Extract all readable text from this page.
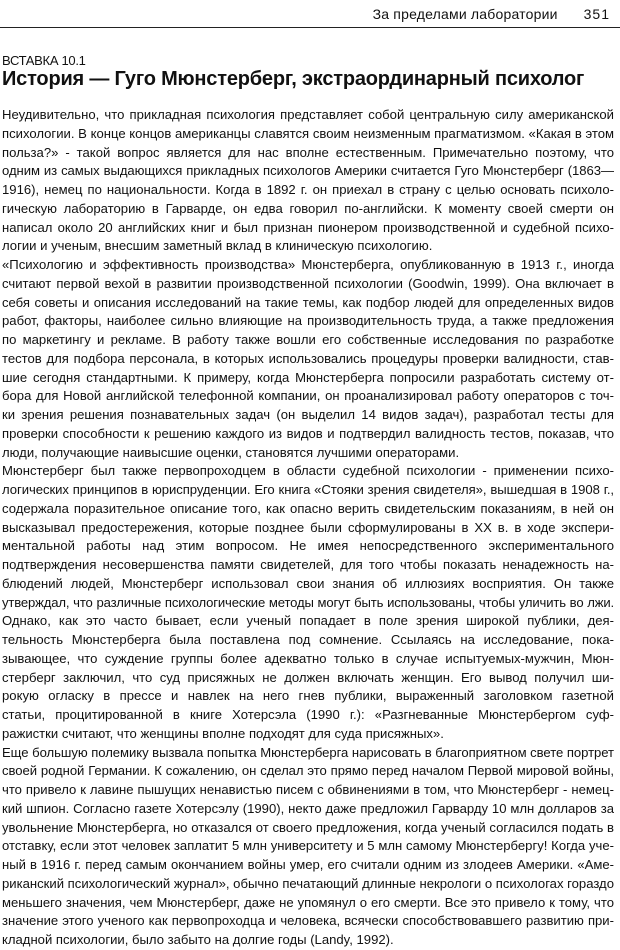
За пределами лаборатории 351
ВСТАВКА 10.1
История — Гуго Мюнстерберг, экстраординарный психолог
Неудивительно, что прикладная психология представляет собой центральную силу американской
психологии. В конце концов американцы славятся своим неизменным прагматизмом. «Какая в этом
польза?» - такой вопрос является для нас вполне естественным. Примечательно поэтому, что
одним из самых выдающихся прикладных психологов Америки считается Гуго Мюнстерберг (1863—
1916), немец по национальности. Когда в 1892 г. он приехал в страну с целью основать психоло-
гическую лабораторию в Гарварде, он едва говорил по-английски. К моменту своей смерти он
написал около 20 английских книг и был признан пионером производственной и судебной психо-
логии и ученым, внесшим заметный вклад в клиническую психологию.
«Психологию и эффективность производства» Мюнстерберга, опубликованную в 1913 г., иногда
считают первой вехой в развитии производственной психологии (Goodwin, 1999). Она включает в
себя советы и описания исследований на такие темы, как подбор людей для определенных видов
работ, факторы, наиболее сильно влияющие на производительность труда, а также предложения
по маркетингу и рекламе. В работу также вошли его собственные исследования по разработке
тестов для подбора персонала, в которых использовались процедуры проверки валидности, став-
шие сегодня стандартными. К примеру, когда Мюнстерберга попросили разработать систему от-
бора для Новой английской телефонной компании, он проанализировал работу операторов с точ-
ки зрения решения познавательных задач (он выделил 14 видов задач), разработал тесты для
проверки способности к решению каждого из видов и подтвердил валидность тестов, показав, что
люди, получающие наивысшие оценки, становятся лучшими операторами.
Мюнстерберг был также первопроходцем в области судебной психологии - применении психо-
логических принципов в юриспруденции. Его книга «Стояки зрения свидетеля», вышедшая в 1908 г.,
содержала поразительное описание того, как опасно верить свидетельским показаниям, в ней он
высказывал предостережения, которые позднее были сформулированы в XX в. в ходе экспери-
ментальной работы над этим вопросом. Не имея непосредственного экспериментального
подтверждения несовершенства памяти свидетелей, для того чтобы показать ненадежность на-
блюдений людей, Мюнстерберг использовал свои знания об иллюзиях восприятия. Он также
утверждал, что различные психологические методы могут быть использованы, чтобы уличить во лжи.
Однако, как это часто бывает, если ученый попадает в поле зрения широкой публики, дея-
тельность Мюнстерберга была поставлена под сомнение. Ссылаясь на исследование, пока-
зывающее, что суждение группы более адекватно только в случае испытуемых-мужчин, Мюн-
стерберг заключил, что суд присяжных не должен включать женщин. Его вывод получил ши-
рокую огласку в прессе и навлек на него гнев публики, выраженный заголовком газетной
статьи, процитированной в книге Хотерсэла (1990 г.): «Разгневанные Мюнстербергом суф-
ражистки считают, что женщины вполне подходят для суда присяжных».
Еще большую полемику вызвала попытка Мюнстерберга нарисовать в благоприятном свете портрет
своей родной Германии. К сожалению, он сделал это прямо перед началом Первой мировой войны,
что привело к лавине пышущих ненавистью писем с обвинениями в том, что Мюнстерберг - немец-
кий шпион. Согласно газете Хотерсэлу (1990), некто даже предложил Гарварду 10 млн долларов за
увольнение Мюнстерберга, но отказался от своего предложения, когда ученый согласился подать в
отставку, если этот человек заплатит 5 млн университету и 5 млн самому Мюнстербергу! Когда уче-
ный в 1916 г. перед самым окончанием войны умер, его считали одним из злодеев Америки. «Аме-
риканский психологический журнал», обычно печатающий длинные некрологи о психологах гораздо
меньшего значения, чем Мюнстерберг, даже не упомянул о его смерти. Все это привело к тому, что
значение этого ученого как первопроходца и человека, всячески способствовавшего развитию при-
кладной психологии, было забыто на долгие годы (Landy, 1992).
